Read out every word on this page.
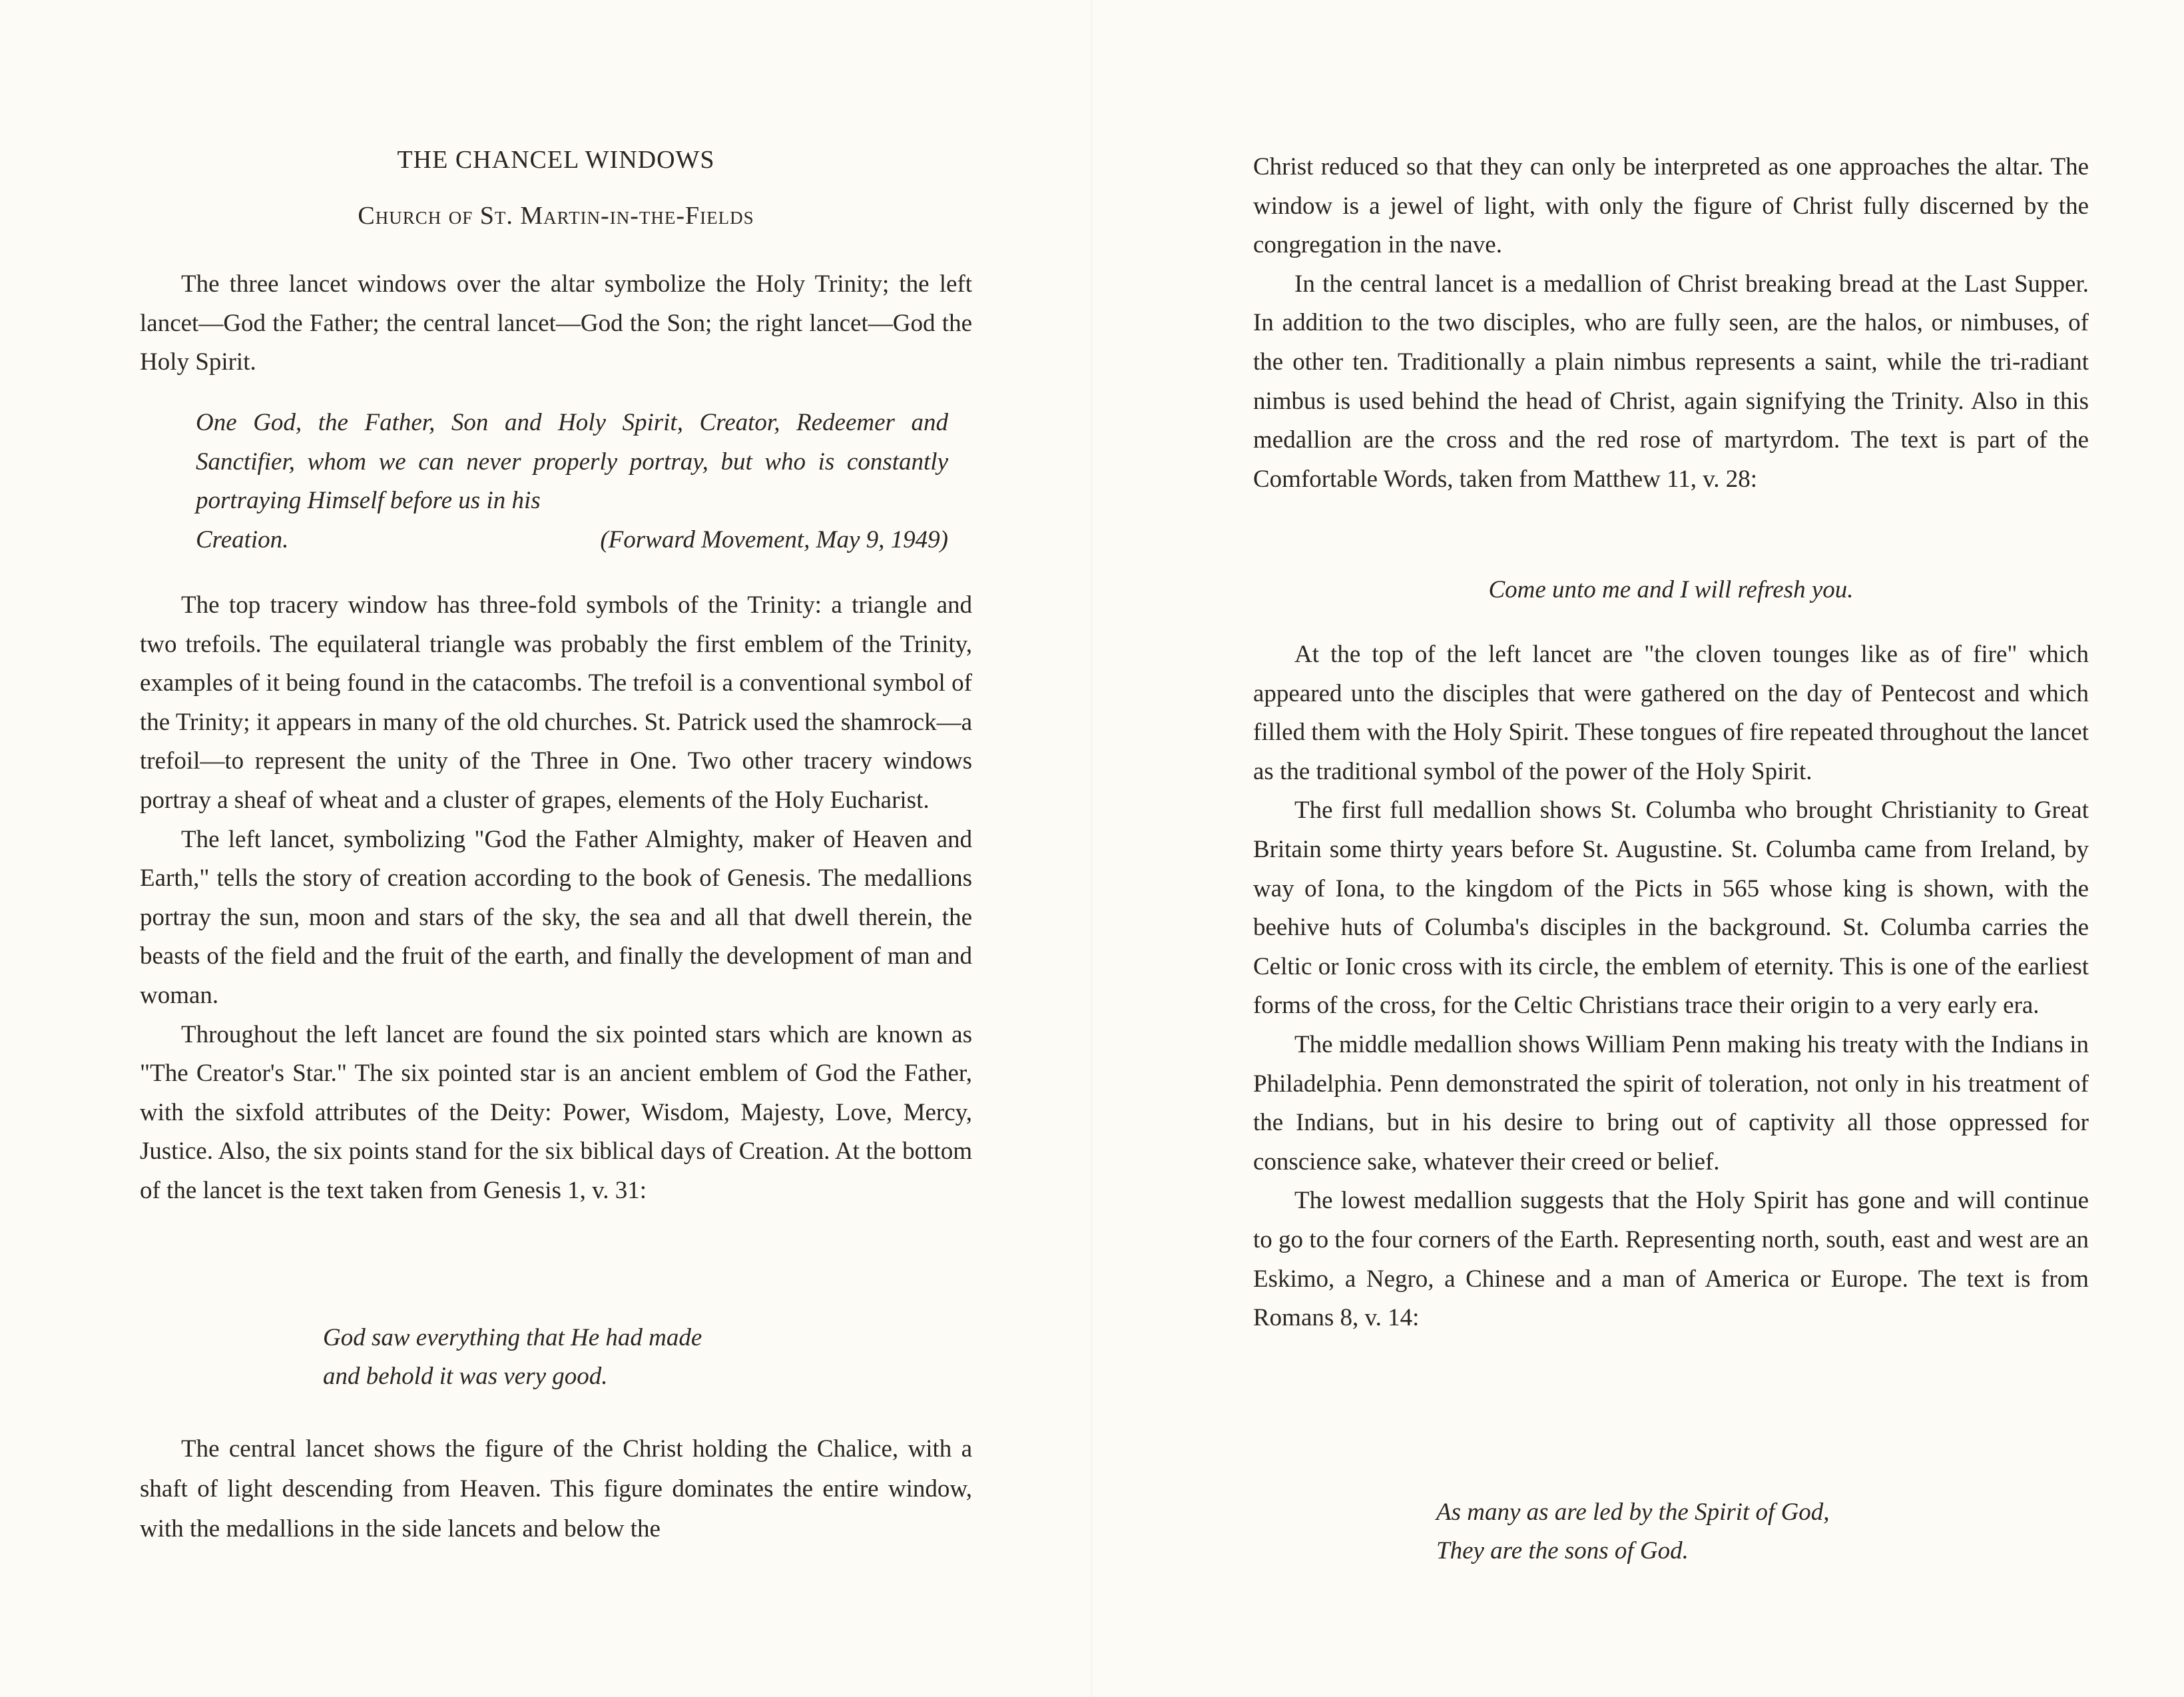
THE CHANCEL WINDOWS
Church of St. Martin-in-the-Fields

The three lancet windows over the altar symbolize the Holy Trinity; the left lancet—God the Father; the central lancet—God the Son; the right lancet—God the Holy Spirit.

One God, the Father, Son and Holy Spirit, Creator, Redeemer and Sanctifier, whom we can never properly portray, but who is constantly portraying Himself before us in his
Creation.	(Forward Movement, May 9, 1949)

The top tracery window has three-fold symbols of the Trinity: a triangle and two trefoils. The equilateral triangle was probably the first emblem of the Trinity, examples of it being found in the catacombs. The trefoil is a conventional symbol of the Trinity; it appears in many of the old churches. St. Patrick used the shamrock—a trefoil—to represent the unity of the Three in One. Two other tracery windows portray a sheaf of wheat and a cluster of grapes, elements of the Holy Eucharist.

The left lancet, symbolizing "God the Father Almighty, maker of Heaven and Earth," tells the story of creation according to the book of Genesis. The medallions portray the sun, moon and stars of the sky, the sea and all that dwell therein, the beasts of the field and the fruit of the earth, and finally the development of man and woman.

Throughout the left lancet are found the six pointed stars which are known as "The Creator's Star." The six pointed star is an ancient emblem of God the Father, with the sixfold attributes of the Deity: Power, Wisdom, Majesty, Love, Mercy, Justice. Also, the six points stand for the six biblical days of Creation. At the bottom of the lancet is the text taken from Genesis 1, v. 31:

God saw everything that He had made
and behold it was very good.

The central lancet shows the figure of the Christ holding the Chalice, with a shaft of light descending from Heaven. This figure dominates the entire window, with the medallions in the side lancets and below the

Christ reduced so that they can only be interpreted as one approaches the altar. The window is a jewel of light, with only the figure of Christ fully discerned by the congregation in the nave.

In the central lancet is a medallion of Christ breaking bread at the Last Supper. In addition to the two disciples, who are fully seen, are the halos, or nimbuses, of the other ten. Traditionally a plain nimbus represents a saint, while the tri-radiant nimbus is used behind the head of Christ, again signifying the Trinity. Also in this medallion are the cross and the red rose of martyrdom. The text is part of the Comfortable Words, taken from Matthew 11, v. 28:

Come unto me and I will refresh you.

At the top of the left lancet are "the cloven tounges like as of fire" which appeared unto the disciples that were gathered on the day of Pentecost and which filled them with the Holy Spirit. These tongues of fire repeated throughout the lancet as the traditional symbol of the power of the Holy Spirit.

The first full medallion shows St. Columba who brought Christianity to Great Britain some thirty years before St. Augustine. St. Columba came from Ireland, by way of Iona, to the kingdom of the Picts in 565 whose king is shown, with the beehive huts of Columba's disciples in the background. St. Columba carries the Celtic or Ionic cross with its circle, the emblem of eternity. This is one of the earliest forms of the cross, for the Celtic Christians trace their origin to a very early era.

The middle medallion shows William Penn making his treaty with the Indians in Philadelphia. Penn demonstrated the spirit of toleration, not only in his treatment of the Indians, but in his desire to bring out of captivity all those oppressed for conscience sake, whatever their creed or belief.

The lowest medallion suggests that the Holy Spirit has gone and will continue to go to the four corners of the Earth. Representing north, south, east and west are an Eskimo, a Negro, a Chinese and a man of America or Europe. The text is from Romans 8, v. 14:

As many as are led by the Spirit of God,
They are the sons of God.
